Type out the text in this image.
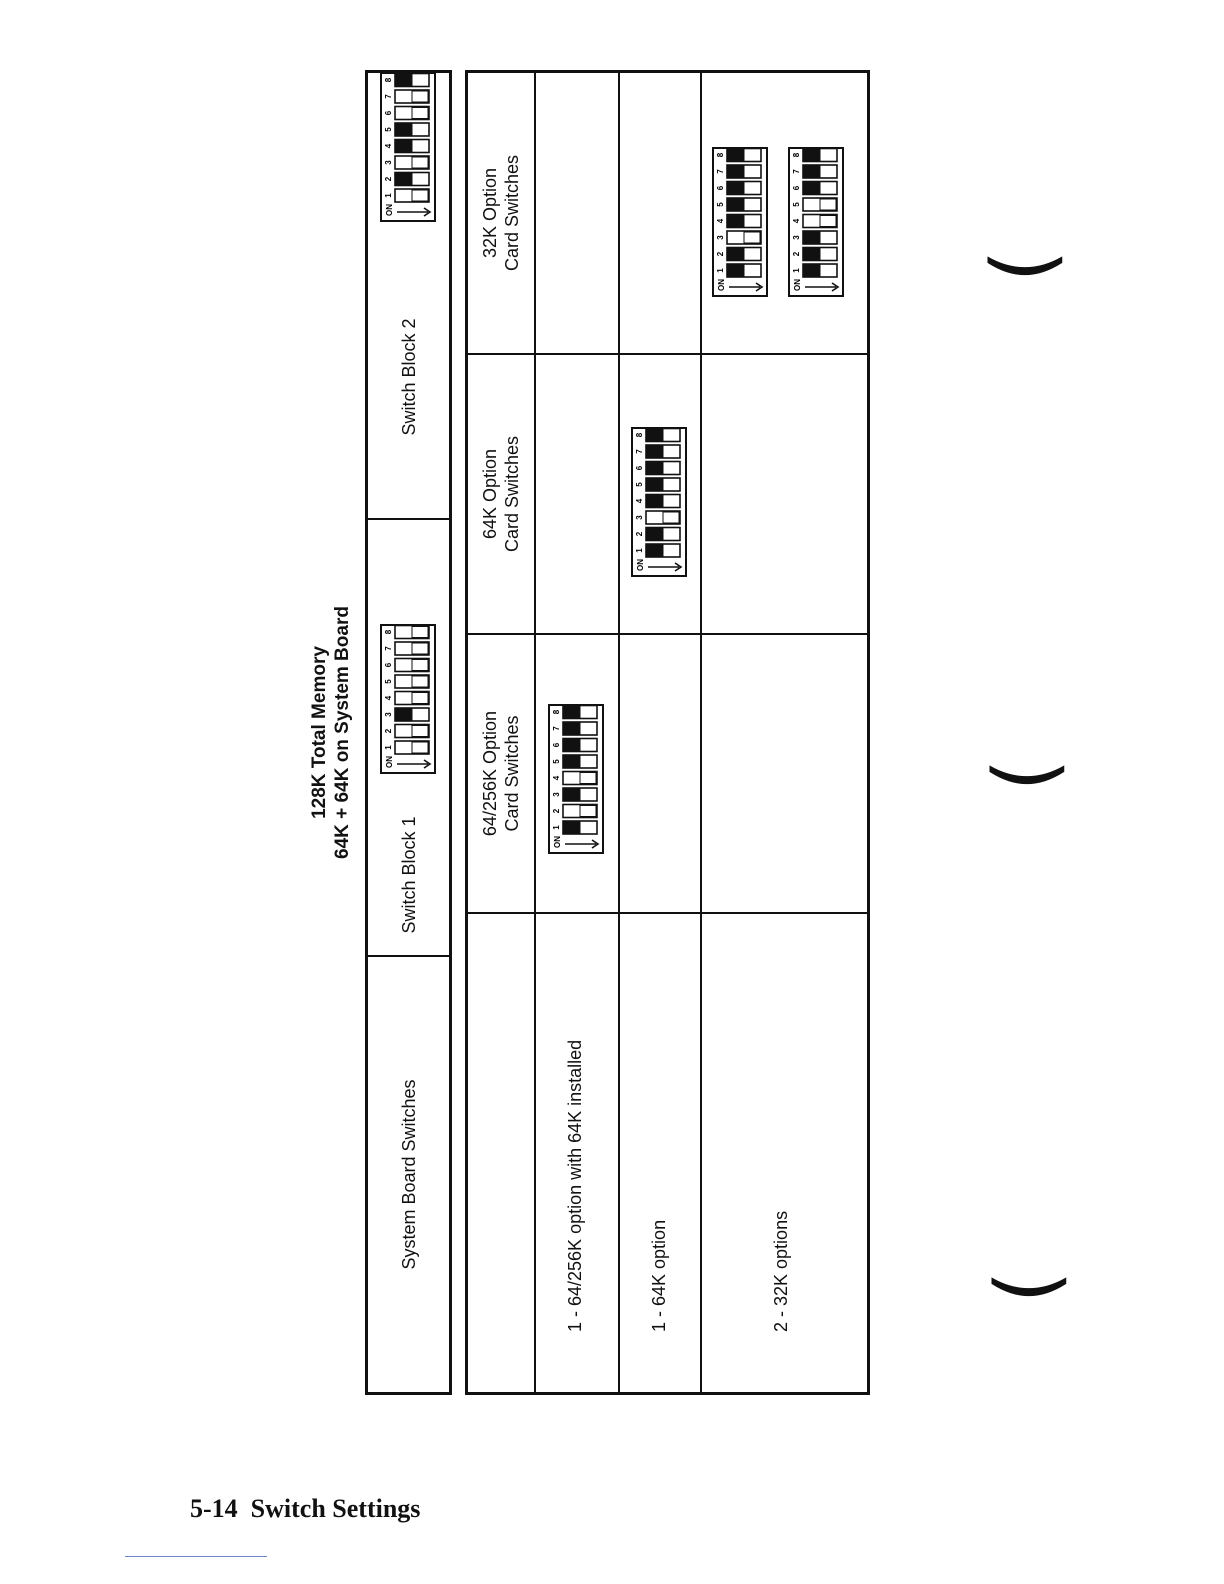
128K Total Memory 64K + 64K on System Board
System Board Switches
Switch Block 1
ON
1
2
3
4
5
6
7
8
Switch Block 2
ON
1
2
3
4
5
6
7
8
64/256K Option Card Switches
64K Option Card Switches
32K Option Card Switches
1 - 64/256K option with 64K installed	1 - 64K option	2 - 32K options
ON
1
2
3
4
5
6
7
8
ON
1
2
3
4
5
6
7
8
ON
1
2
3
4
5
6
7
8
ON
1
2
3
4
5
6
7
8
(
(
(
5-14 Switch Settings
